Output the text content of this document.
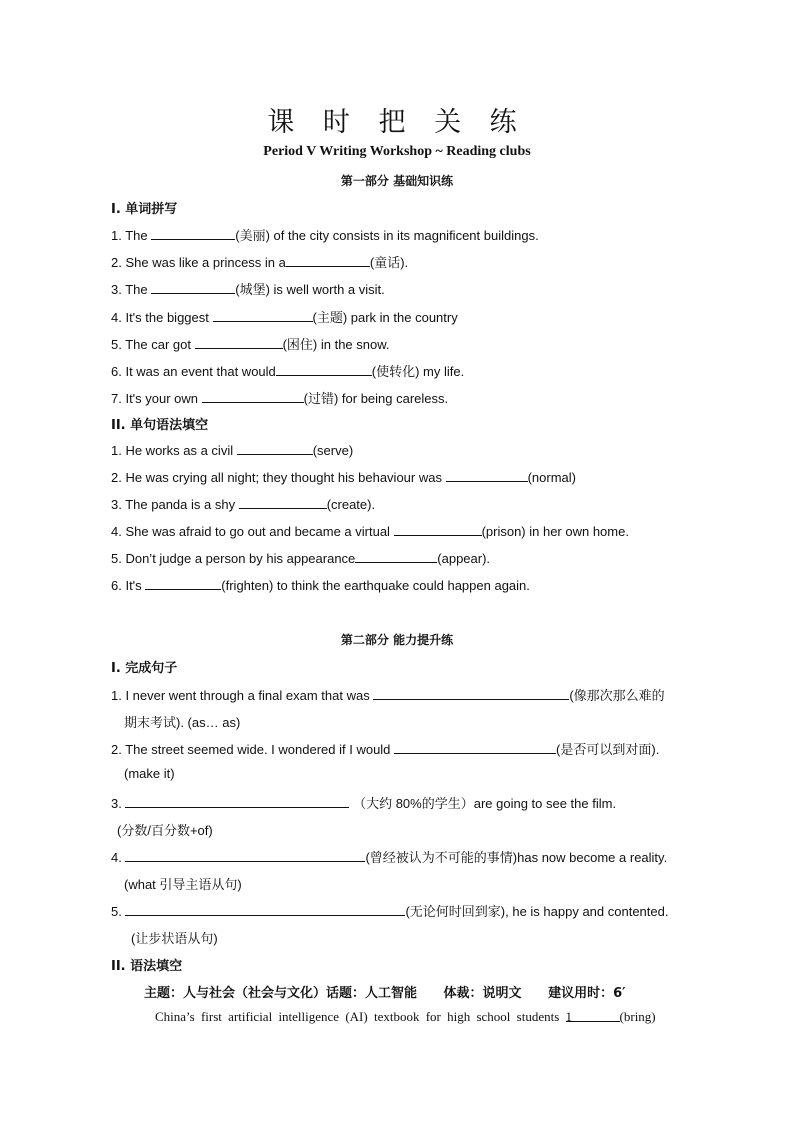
课 时 把 关 练
Period V Writing Workshop ~ Reading clubs
第一部分 基础知识练
I. 单词拼写
1. The	(美丽) of the city consists in its magnificent buildings.
2. She was like a princess in a	(童话).
3. The	(城堡) is well worth a visit.
4. It's the biggest	(主题) park in the country
5. The car got	(困住) in the snow.
6. It was an event that would	(使转化) my life.
7. It's your own	(过错) for being careless.
II. 单句语法填空
1. He works as a civil	(serve)
2. He was crying all night; they thought his behaviour was	(normal)
3. The panda is a shy	(create).
4. She was afraid to go out and became a virtual	(prison) in her own home.
5. Don’t judge a person by his appearance	(appear).
6. It's	(frighten) to think the earthquake could happen again.
第二部分 能力提升练
I. 完成句子
1. I never went through a final exam that was	(像那次那么难的
期末考试). (as… as)
2. The street seemed wide. I wondered if I would	(是否可以到对面).
(make it)
3.	（大约 80%的学生）are going to see the film.
(分数/百分数+of)
4.	(曾经被认为不可能的事情)has now become a reality.
(what 引导主语从句)
5.	(无论何时回到家), he is happy and contented.
(让步状语从句)
II. 语法填空
主题：人与社会（社会与文化）话题：人工智能 体裁：说明文 建议用时：6′
China’s first artificial intelligence (AI) textbook for high school students 1	(bring)
